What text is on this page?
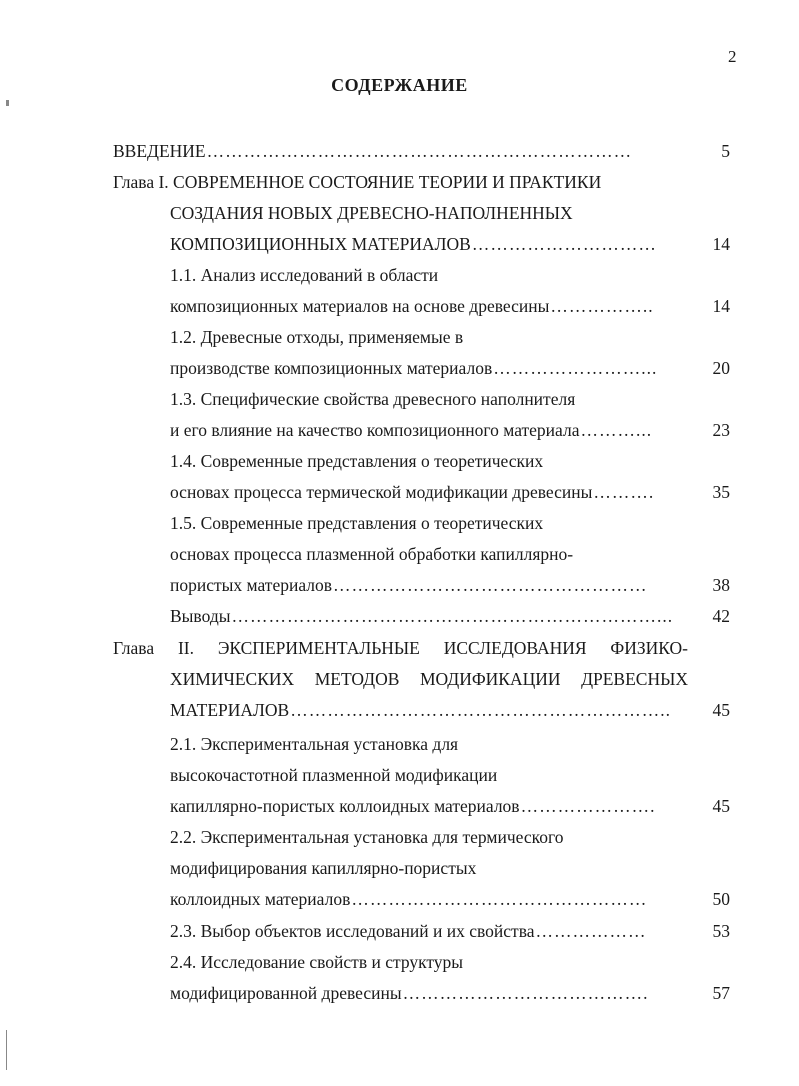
2
СОДЕРЖАНИЕ
ВВЕДЕНИЕ ……………………………………………………………	5
Глава I. СОВРЕМЕННОЕ СОСТОЯНИЕ ТЕОРИИ И ПРАКТИКИ
СОЗДАНИЯ НОВЫХ ДРЕВЕСНО-НАПОЛНЕННЫХ
КОМПОЗИЦИОННЫХ МАТЕРИАЛОВ …………………………	14
1.1. Анализ исследований в области
композиционных материалов на основе древесины ……………..	14
1.2. Древесные отходы, применяемые в
производстве композиционных материалов ……………………...	20
1.3. Специфические свойства древесного наполнителя
и его влияние на качество композиционного материала ………...	23
1.4. Современные представления о теоретических
основах процесса термической модификации древесины ……….	35
1.5. Современные представления о теоретических
основах процесса плазменной обработки капиллярно-
пористых материалов ……………………………………………	38
Выводы ……………………………………………………………...	42
Глава II. ЭКСПЕРИМЕНТАЛЬНЫЕ ИССЛЕДОВАНИЯ ФИЗИКО-
ХИМИЧЕСКИХ МЕТОДОВ МОДИФИКАЦИИ ДРЕВЕСНЫХ
МАТЕРИАЛОВ ……………………………………………………..	45
2.1. Экспериментальная установка для
высокочастотной плазменной модификации
капиллярно-пористых коллоидных материалов ………………….	45
2.2. Экспериментальная установка для термического
модифицирования капиллярно-пористых
коллоидных материалов …………………………………………	50
2.3. Выбор объектов исследований и их свойства ………………	53
2.4. Исследование свойств и структуры
модифицированной древесины ………………………………….	57
